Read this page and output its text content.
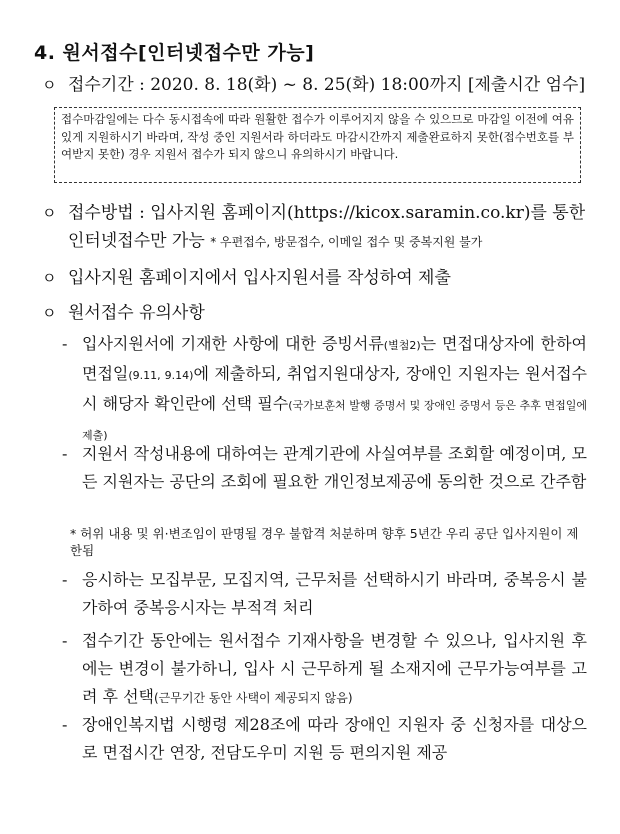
4. 원서접수[인터넷접수만 가능]
ㅇ 접수기간 : 2020. 8. 18(화) ~ 8. 25(화) 18:00까지 [제출시간 엄수]
접수마감일에는 다수 동시접속에 따라 원활한 접수가 이루어지지 않을 수 있으므로 마감일 이전에 여유 있게 지원하시기 바라며, 작성 중인 지원서라 하더라도 마감시간까지 제출완료하지 못한(접수번호를 부여받지 못한) 경우 지원서 접수가 되지 않으니 유의하시기 바랍니다.
ㅇ 접수방법 : 입사지원 홈페이지(https://kicox.saramin.co.kr)를 통한
인터넷접수만 가능 * 우편접수, 방문접수, 이메일 접수 및 중복지원 불가
ㅇ 입사지원 홈페이지에서 입사지원서를 작성하여 제출
ㅇ 원서접수 유의사항
- 입사지원서에 기재한 사항에 대한 증빙서류(별첨2)는 면접대상자에 한하여 면접일(9.11, 9.14)에 제출하되, 취업지원대상자, 장애인 지원자는 원서접수 시 해당자 확인란에 선택 필수(국가보훈처 발행 증명서 및 장애인 증명서 등은 추후 면접일에 제출)
- 지원서 작성내용에 대하여는 관계기관에 사실여부를 조회할 예정이며, 모든 지원자는 공단의 조회에 필요한 개인정보제공에 동의한 것으로 간주함
* 허위 내용 및 위·변조임이 판명될 경우 불합격 처분하며 향후 5년간 우리 공단 입사지원이 제한됨
- 응시하는 모집부문, 모집지역, 근무처를 선택하시기 바라며, 중복응시 불가하여 중복응시자는 부적격 처리
- 접수기간 동안에는 원서접수 기재사항을 변경할 수 있으나, 입사지원 후에는 변경이 불가하니, 입사 시 근무하게 될 소재지에 근무가능여부를 고려 후 선택(근무기간 동안 사택이 제공되지 않음)
- 장애인복지법 시행령 제28조에 따라 장애인 지원자 중 신청자를 대상으로 면접시간 연장, 전담도우미 지원 등 편의지원 제공
